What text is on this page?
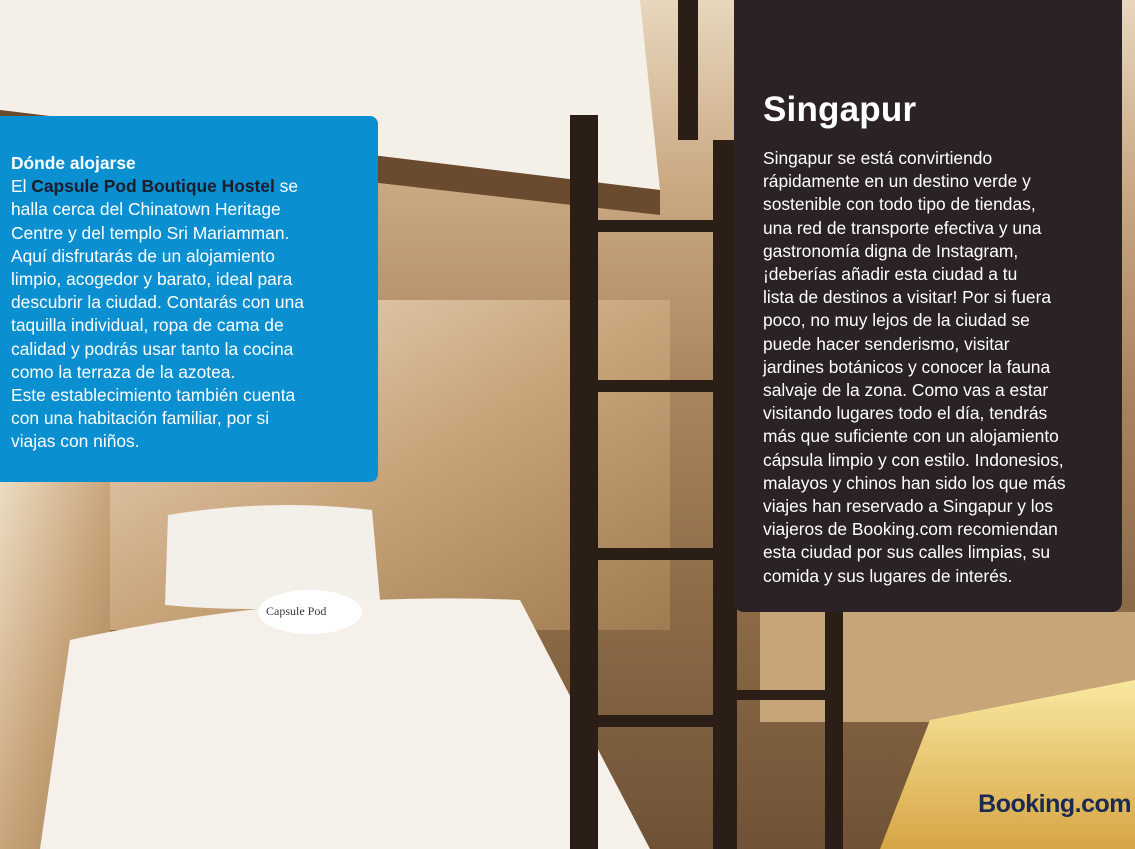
Capsule Pod
Dónde alojarse
El Capsule Pod Boutique Hostel se
halla cerca del Chinatown Heritage
Centre y del templo Sri Mariamman.
Aquí disfrutarás de un alojamiento
limpio, acogedor y barato, ideal para
descubrir la ciudad. Contarás con una
taquilla individual, ropa de cama de
calidad y podrás usar tanto la cocina
como la terraza de la azotea.
Este establecimiento también cuenta
con una habitación familiar, por si
viajas con niños.
Singapur
Singapur se está convirtiendo
rápidamente en un destino verde y
sostenible con todo tipo de tiendas,
una red de transporte efectiva y una
gastronomía digna de Instagram,
¡deberías añadir esta ciudad a tu
lista de destinos a visitar! Por si fuera
poco, no muy lejos de la ciudad se
puede hacer senderismo, visitar
jardines botánicos y conocer la fauna
salvaje de la zona. Como vas a estar
visitando lugares todo el día, tendrás
más que suficiente con un alojamiento
cápsula limpio y con estilo. Indonesios,
malayos y chinos han sido los que más
viajes han reservado a Singapur y los
viajeros de Booking.com recomiendan
esta ciudad por sus calles limpias, su
comida y sus lugares de interés.
Booking.com
